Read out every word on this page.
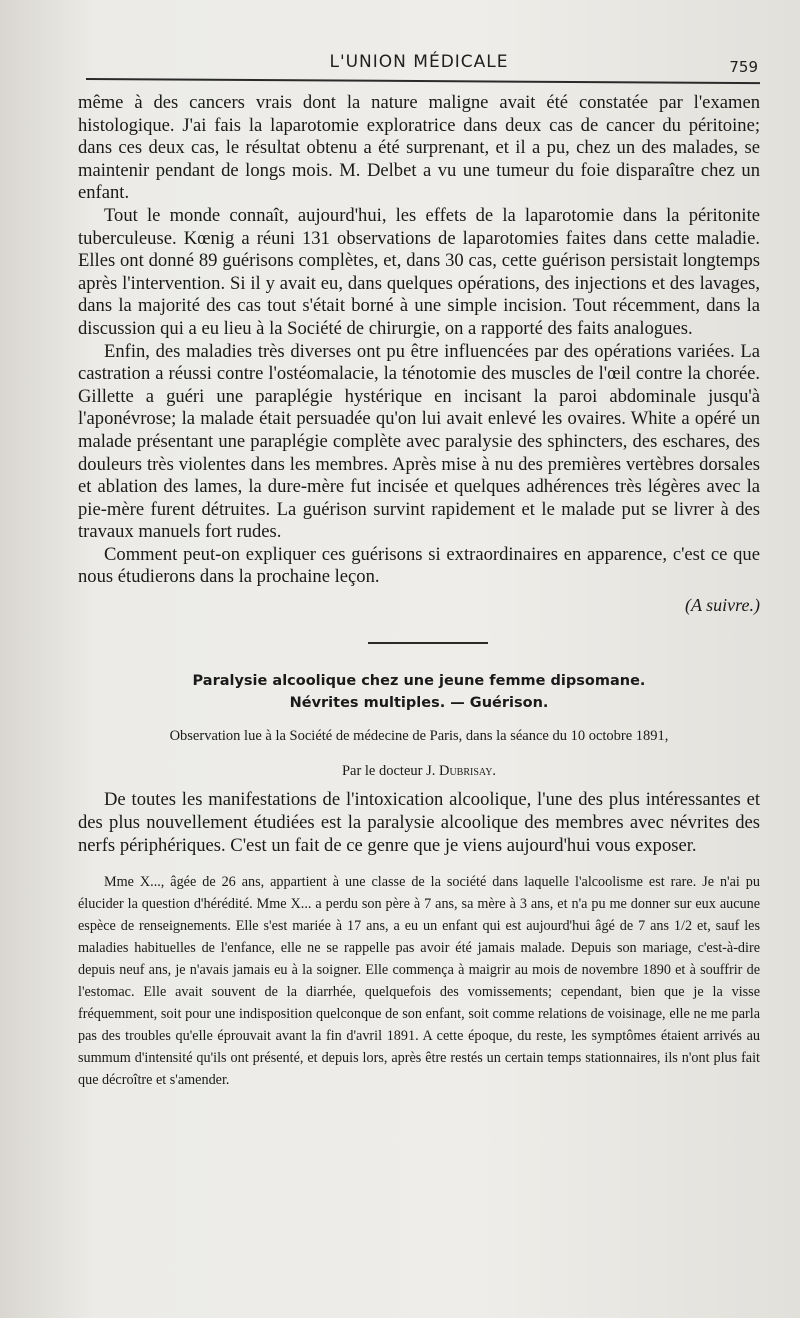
L'UNION MÉDICALE	759

même à des cancers vrais dont la nature maligne avait été constatée par l'examen histologique. J'ai fais la laparotomie exploratrice dans deux cas de cancer du péritoine; dans ces deux cas, le résultat obtenu a été surprenant, et il a pu, chez un des malades, se maintenir pendant de longs mois. M. Delbet a vu une tumeur du foie disparaître chez un enfant.

Tout le monde connaît, aujourd'hui, les effets de la laparotomie dans la péritonite tuberculeuse. Kœnig a réuni 131 observations de laparotomies faites dans cette maladie. Elles ont donné 89 guérisons complètes, et, dans 30 cas, cette guérison persistait longtemps après l'intervention. Si il y avait eu, dans quelques opérations, des injections et des lavages, dans la majorité des cas tout s'était borné à une simple incision. Tout récemment, dans la discussion qui a eu lieu à la Société de chirurgie, on a rapporté des faits analogues.

Enfin, des maladies très diverses ont pu être influencées par des opérations variées. La castration a réussi contre l'ostéomalacie, la ténotomie des muscles de l'œil contre la chorée. Gillette a guéri une paraplégie hystérique en incisant la paroi abdominale jusqu'à l'aponévrose; la malade était persuadée qu'on lui avait enlevé les ovaires. White a opéré un malade présentant une paraplégie complète avec paralysie des sphincters, des eschares, des douleurs très violentes dans les membres. Après mise à nu des premières vertèbres dorsales et ablation des lames, la dure-mère fut incisée et quelques adhérences très légères avec la pie-mère furent détruites. La guérison survint rapidement et le malade put se livrer à des travaux manuels fort rudes.

Comment peut-on expliquer ces guérisons si extraordinaires en apparence, c'est ce que nous étudierons dans la prochaine leçon.

(A suivre.)

Paralysie alcoolique chez une jeune femme dipsomane.

Névrites multiples. — Guérison.

Observation lue à la Société de médecine de Paris, dans la séance du 10 octobre 1891,

Par le docteur J. Dubrisay.

De toutes les manifestations de l'intoxication alcoolique, l'une des plus intéressantes et des plus nouvellement étudiées est la paralysie alcoolique des membres avec névrites des nerfs périphériques. C'est un fait de ce genre que je viens aujourd'hui vous exposer.

Mme X..., âgée de 26 ans, appartient à une classe de la société dans laquelle l'alcoolisme est rare. Je n'ai pu élucider la question d'hérédité. Mme X... a perdu son père à 7 ans, sa mère à 3 ans, et n'a pu me donner sur eux aucune espèce de renseignements. Elle s'est mariée à 17 ans, a eu un enfant qui est aujourd'hui âgé de 7 ans 1/2 et, sauf les maladies habituelles de l'enfance, elle ne se rappelle pas avoir été jamais malade. Depuis son mariage, c'est-à-dire depuis neuf ans, je n'avais jamais eu à la soigner. Elle commença à maigrir au mois de novembre 1890 et à souffrir de l'estomac. Elle avait souvent de la diarrhée, quelquefois des vomissements; cependant, bien que je la visse fréquemment, soit pour une indisposition quelconque de son enfant, soit comme relations de voisinage, elle ne me parla pas des troubles qu'elle éprouvait avant la fin d'avril 1891. A cette époque, du reste, les symptômes étaient arrivés au summum d'intensité qu'ils ont présenté, et depuis lors, après être restés un certain temps stationnaires, ils n'ont plus fait que décroître et s'amender.
